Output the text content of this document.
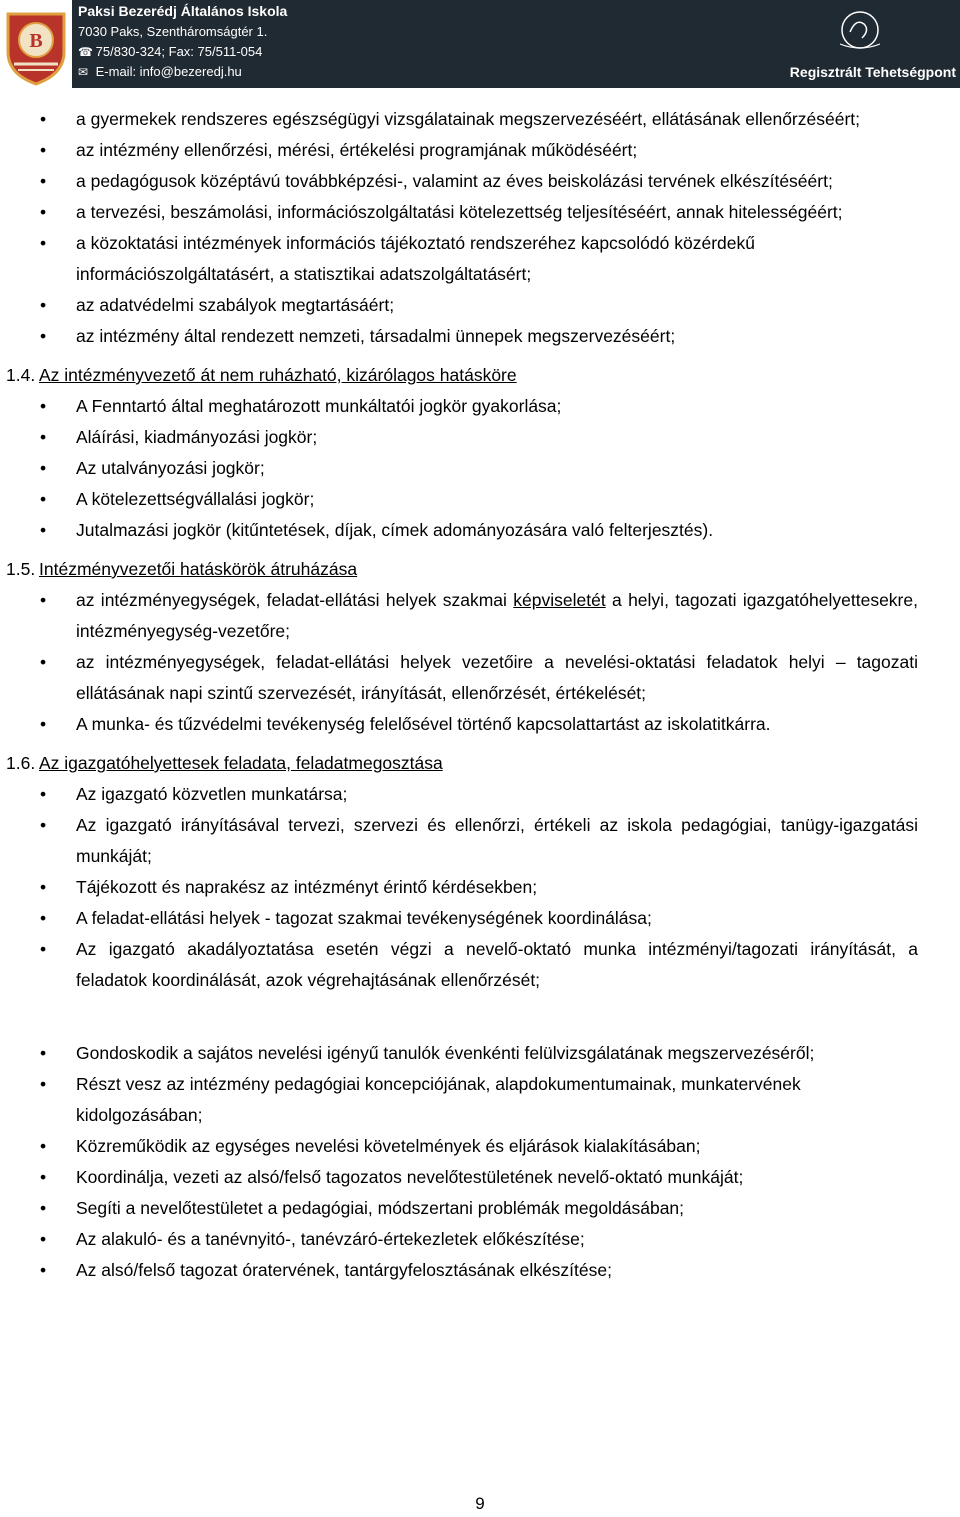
B
Paksi Bezerédj Általános Iskola
7030 Paks, Szentháromságtér 1.
☎ 75/830-324; Fax: 75/511-054
✉ E-mail: info@bezeredj.hu	Regisztrált Tehetségpont
• a gyermekek rendszeres egészségügyi vizsgálatainak megszervezéséért, ellátásának ellenőrzéséért;
• az intézmény ellenőrzési, mérési, értékelési programjának működéséért;
• a pedagógusok középtávú továbbképzési-, valamint az éves beiskolázási tervének elkészítéséért;
• a tervezési, beszámolási, információszolgáltatási kötelezettség teljesítéséért, annak hitelességéért;
• a közoktatási intézmények információs tájékoztató rendszeréhez kapcsolódó közérdekű információszolgáltatásért, a statisztikai adatszolgáltatásért;
• az adatvédelmi szabályok megtartásáért;
• az intézmény által rendezett nemzeti, társadalmi ünnepek megszervezéséért;
1.4. Az intézményvezető át nem ruházható, kizárólagos hatásköre
• A Fenntartó által meghatározott munkáltatói jogkör gyakorlása;
• Aláírási, kiadmányozási jogkör;
• Az utalványozási jogkör;
• A kötelezettségvállalási jogkör;
• Jutalmazási jogkör (kitűntetések, díjak, címek adományozására való felterjesztés).
1.5. Intézményvezetői hatáskörök átruházása
• az intézményegységek, feladat-ellátási helyek szakmai képviseletét a helyi, tagozati igazgatóhelyettesekre, intézményegység-vezetőre;
• az intézményegységek, feladat-ellátási helyek vezetőire a nevelési-oktatási feladatok helyi – tagozati ellátásának napi szintű szervezését, irányítását, ellenőrzését, értékelését;
• A munka- és tűzvédelmi tevékenység felelősével történő kapcsolattartást az iskolatitkárra.
1.6. Az igazgatóhelyettesek feladata, feladatmegosztása
• Az igazgató közvetlen munkatársa;
• Az igazgató irányításával tervezi, szervezi és ellenőrzi, értékeli az iskola pedagógiai, tanügy-igazgatási munkáját;
• Tájékozott és naprakész az intézményt érintő kérdésekben;
• A feladat-ellátási helyek - tagozat szakmai tevékenységének koordinálása;
• Az igazgató akadályoztatása esetén végzi a nevelő-oktató munka intézményi/tagozati irányítását, a feladatok koordinálását, azok végrehajtásának ellenőrzését;
• Gondoskodik a sajátos nevelési igényű tanulók évenkénti felülvizsgálatának megszervezéséről;
• Részt vesz az intézmény pedagógiai koncepciójának, alapdokumentumainak, munkatervének kidolgozásában;
• Közreműködik az egységes nevelési követelmények és eljárások kialakításában;
• Koordinálja, vezeti az alsó/felső tagozatos nevelőtestületének nevelő-oktató munkáját;
• Segíti a nevelőtestületet a pedagógiai, módszertani problémák megoldásában;
• Az alakuló- és a tanévnyitó-, tanévzáró-értekezletek előkészítése;
• Az alsó/felső tagozat óratervének, tantárgyfelosztásának elkészítése;
9
